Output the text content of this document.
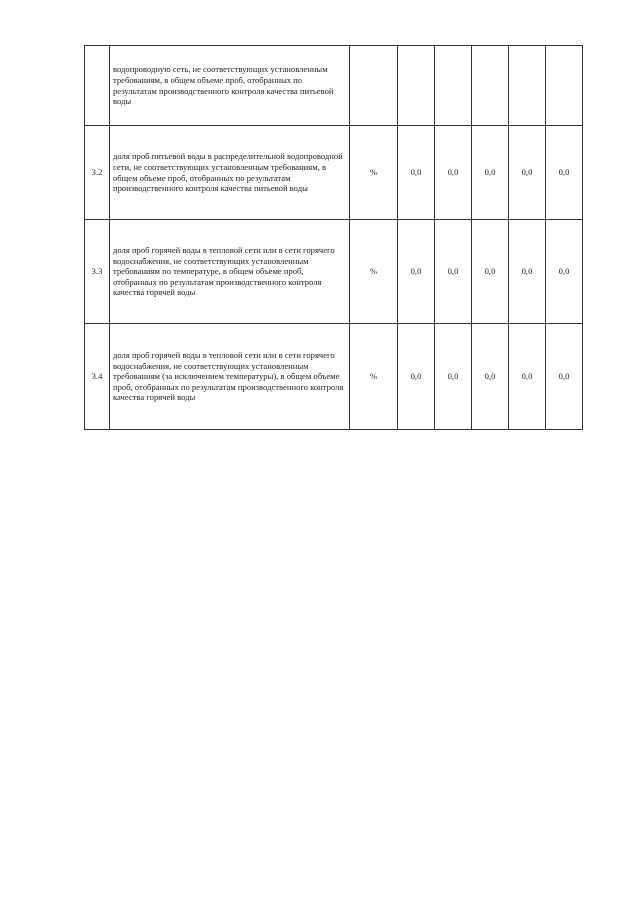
	водопроводную сеть, не соответствующих установленным требованиям, в общем объеме проб, отобранных по результатам производственного контроля качества питьевой воды						
3.2	доля проб питьевой воды в распределительной водопроводной сети, не соответствующих установленным требованиям, в общем объеме проб, отобранных по результатам производственного контроля качества питьевой воды	%	0,0	0,0	0,0	0,0	0,0
3.3	доля проб горячей воды в тепловой сети или в сети горячего водоснабжения, не соответствующих установленным требованиям по температуре, в общем объеме проб, отобранных по результатам производственного контроля качества горячей воды	%	0,0	0,0	0,0	0,0	0,0
3.4	доля проб горячей воды в тепловой сети или в сети горячего водоснабжения, не соответствующих установленным требованиям (за исключением температуры), в общем объеме проб, отобранных по результатам производственного контроля качества горячей воды	%	0,0	0,0	0,0	0,0	0,0
